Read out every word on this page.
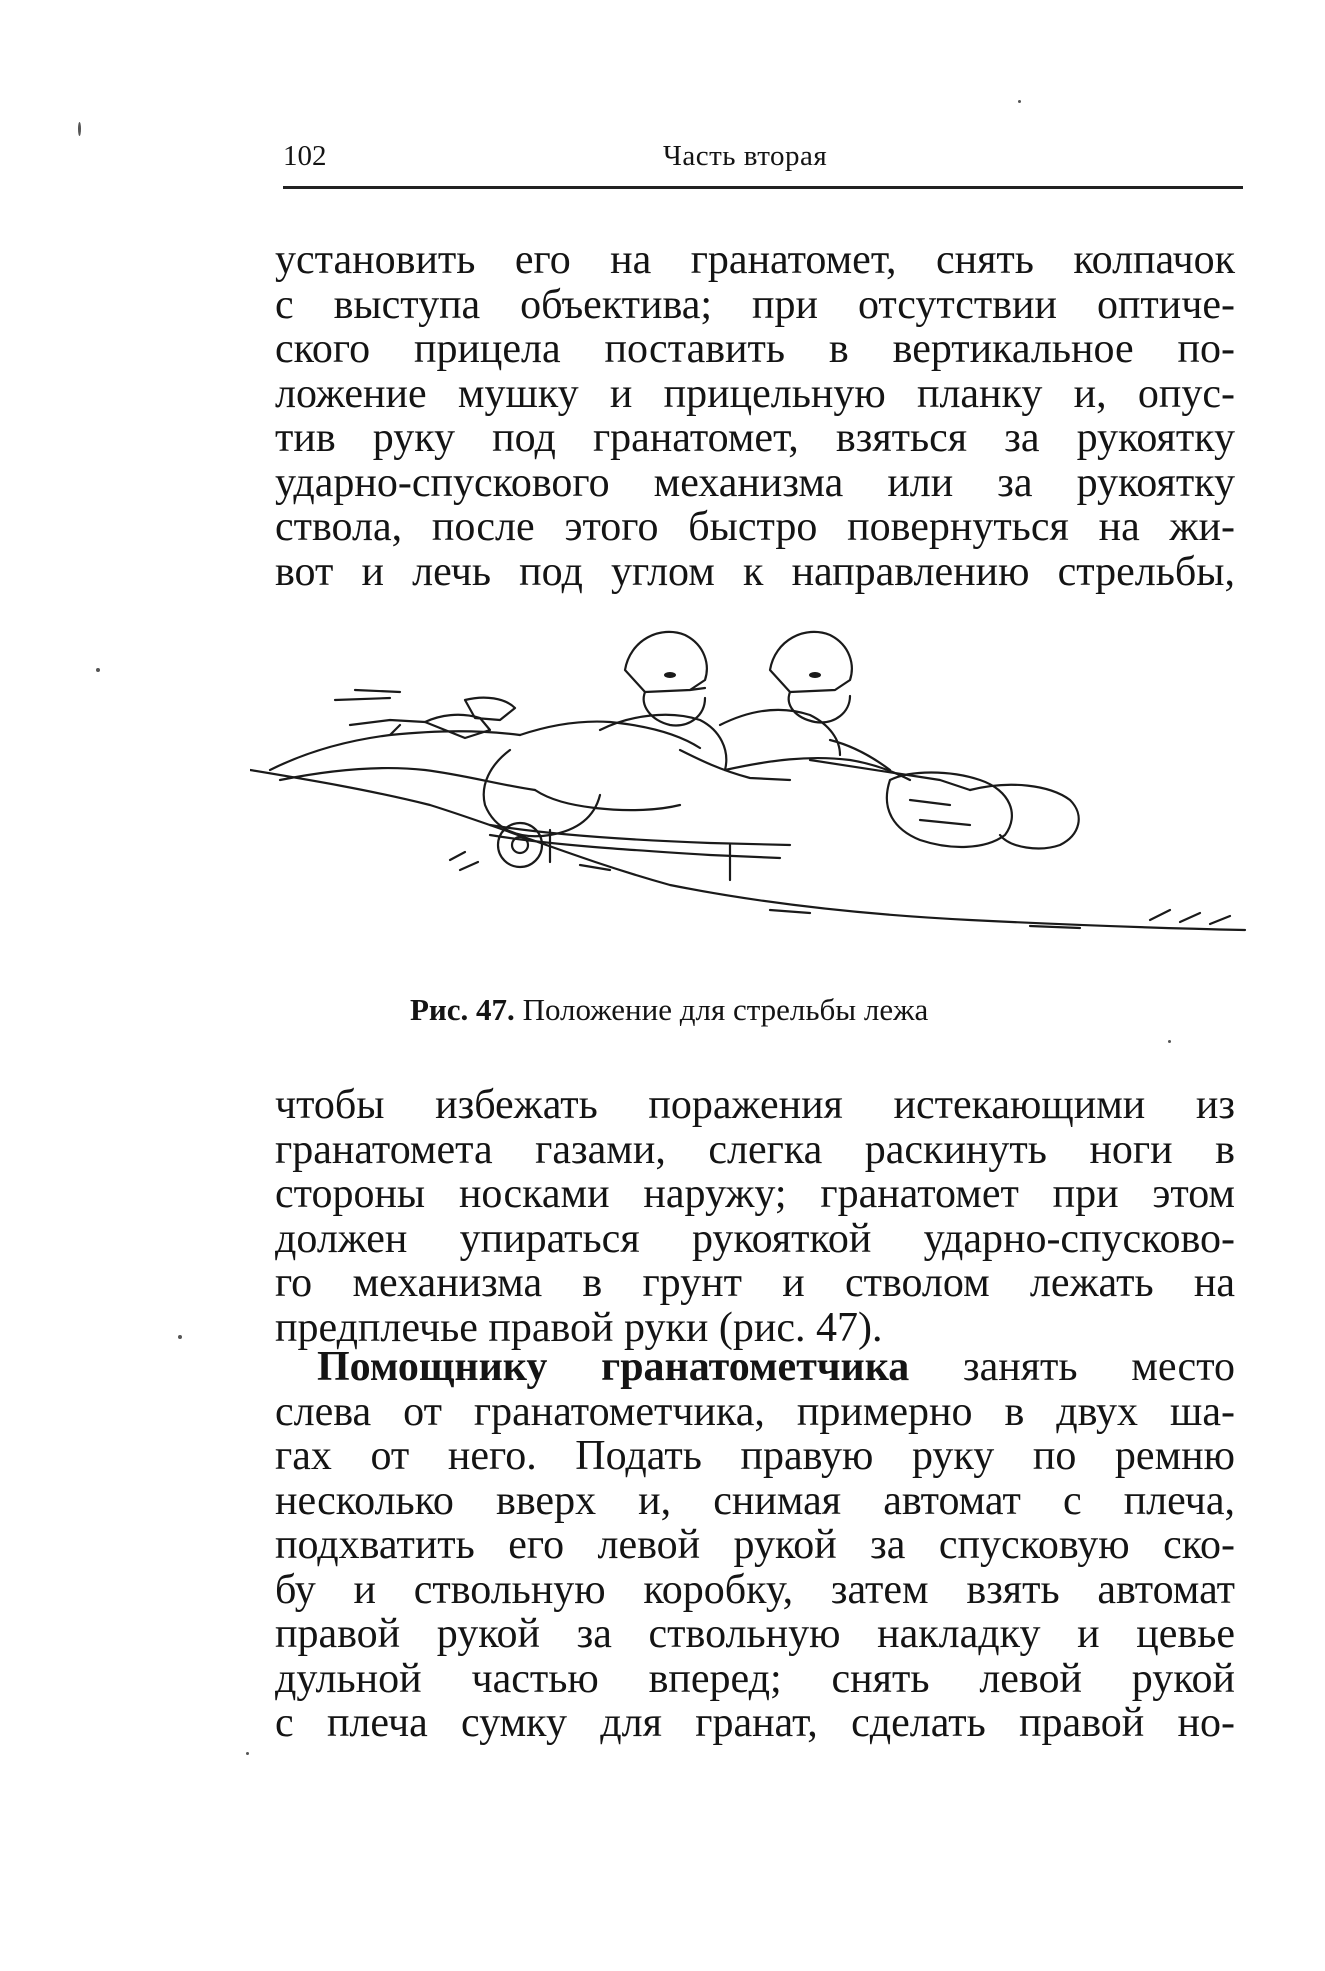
102	Часть вторая
установить его на гранатомет, снять колпачок
с выступа объектива; при отсутствии оптиче-
ского прицела поставить в вертикальное по-
ложение мушку и прицельную планку и, опус-
тив руку под гранатомет, взяться за рукоятку
ударно-спускового механизма или за рукоятку
ствола, после этого быстро повернуться на жи-
вот и лечь под углом к направлению стрельбы,
Рис. 47. Положение для стрельбы лежа
чтобы избежать поражения истекающими из
гранатомета газами, слегка раскинуть ноги в
стороны носками наружу; гранатомет при этом
должен упираться рукояткой ударно-спусково-
го механизма в грунт и стволом лежать на
предплечье правой руки (рис. 47).
 Помощнику гранатометчика занять место
слева от гранатометчика, примерно в двух ша-
гах от него. Подать правую руку по ремню
несколько вверх и, снимая автомат с плеча,
подхватить его левой рукой за спусковую ско-
бу и ствольную коробку, затем взять автомат
правой рукой за ствольную накладку и цевье
дульной частью вперед; снять левой рукой
с плеча сумку для гранат, сделать правой но-
